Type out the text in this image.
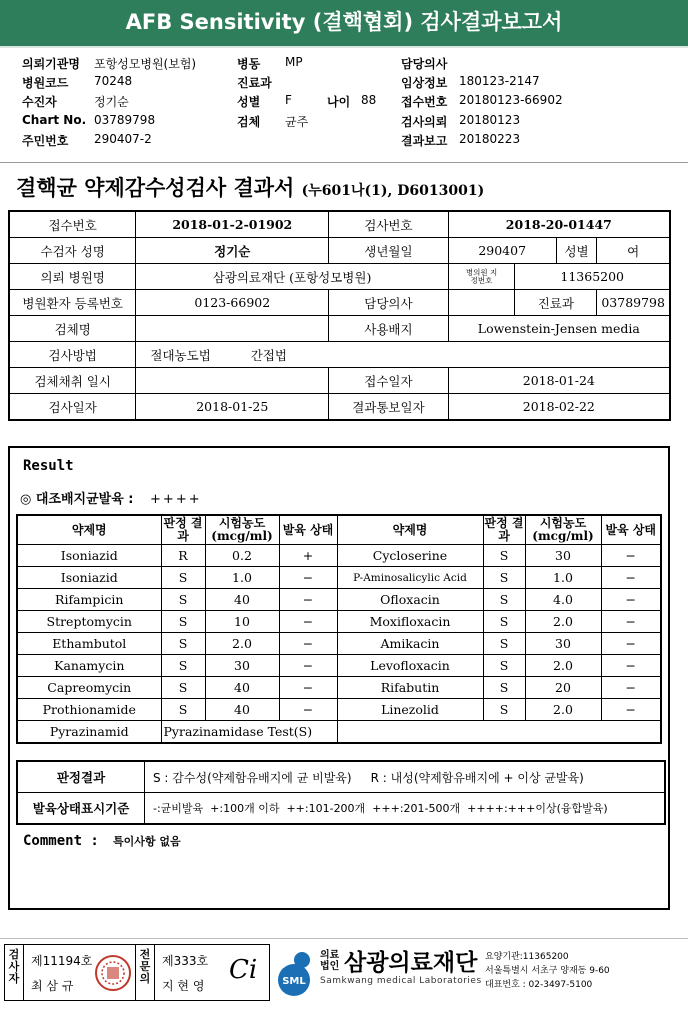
AFB Sensitivity (결핵협회) 검사결과보고서
의뢰기관명 포항성모병원(보험)
병원코드 70248
수진자	정기순
Chart No. 03789798
주민번호 290407-2
병동 MP
진료과
성별 F	나이 88
검체 균주
담당의사
임상정보 180123-2147
접수번호 20180123-66902
검사의뢰 20180123
결과보고 20180223
결핵균 약제감수성검사 결과서 (누601나(1), D6013001)
접수번호	2018-01-2-01902	검사번호	2018-20-01447			
수검자 성명	정기순	생년월일	290407		성별	여
의뢰 병원명	삼광의료재단 (포항성모병원)		병의원 지정번호	11365200		
병원환자 등록번호	0123-66902	담당의사		진료과		03789798
검체명		사용배지	Lowenstein-Jensen media			
검사방법	절대농도법 간접법					
검체채취 일시		접수일자	2018-01-24			
검사일자	2018-01-25	결과통보일자	2018-02-22			
Result
◎ 대조배지균발육 : ++++
약제명	판정 결과	시험농도 (mcg/ml)	발육 상태	약제명	판정 결과	시험농도 (mcg/ml)	발육 상태
Isoniazid	R	0.2	+	Cycloserine	S	30	−
Isoniazid	S	1.0	−	P-Aminosalicylic Acid	S	1.0	−
Rifampicin	S	40	−	Ofloxacin	S	4.0	−
Streptomycin	S	10	−	Moxifloxacin	S	2.0	−
Ethambutol	S	2.0	−	Amikacin	S	30	−
Kanamycin	S	30	−	Levofloxacin	S	2.0	−
Capreomycin	S	40	−	Rifabutin	S	20	−
Prothionamide	S	40	−	Linezolid	S	2.0	−
Pyrazinamid	Pyrazinamidase Test(S)						
판정결과	S : 감수성(약제함유배지에 균 비발육)     R : 내성(약제함유배지에 + 이상 균발육)
발육상태표시기준	-:균비발육  +:100개 이하  ++:101-200개  +++:201-500개  ++++:+++이상(융합발육)
Comment : 특이사항 없음
검사자
제11194호
최 삼 규
전문의
제333호
지 현 영
Ci	SML
의료
법인 삼광의료재단
Samkwang medical Laboratories
요양기관:11365200
서울특별시 서초구 양재동 9-60
대표번호 : 02-3497-5100
